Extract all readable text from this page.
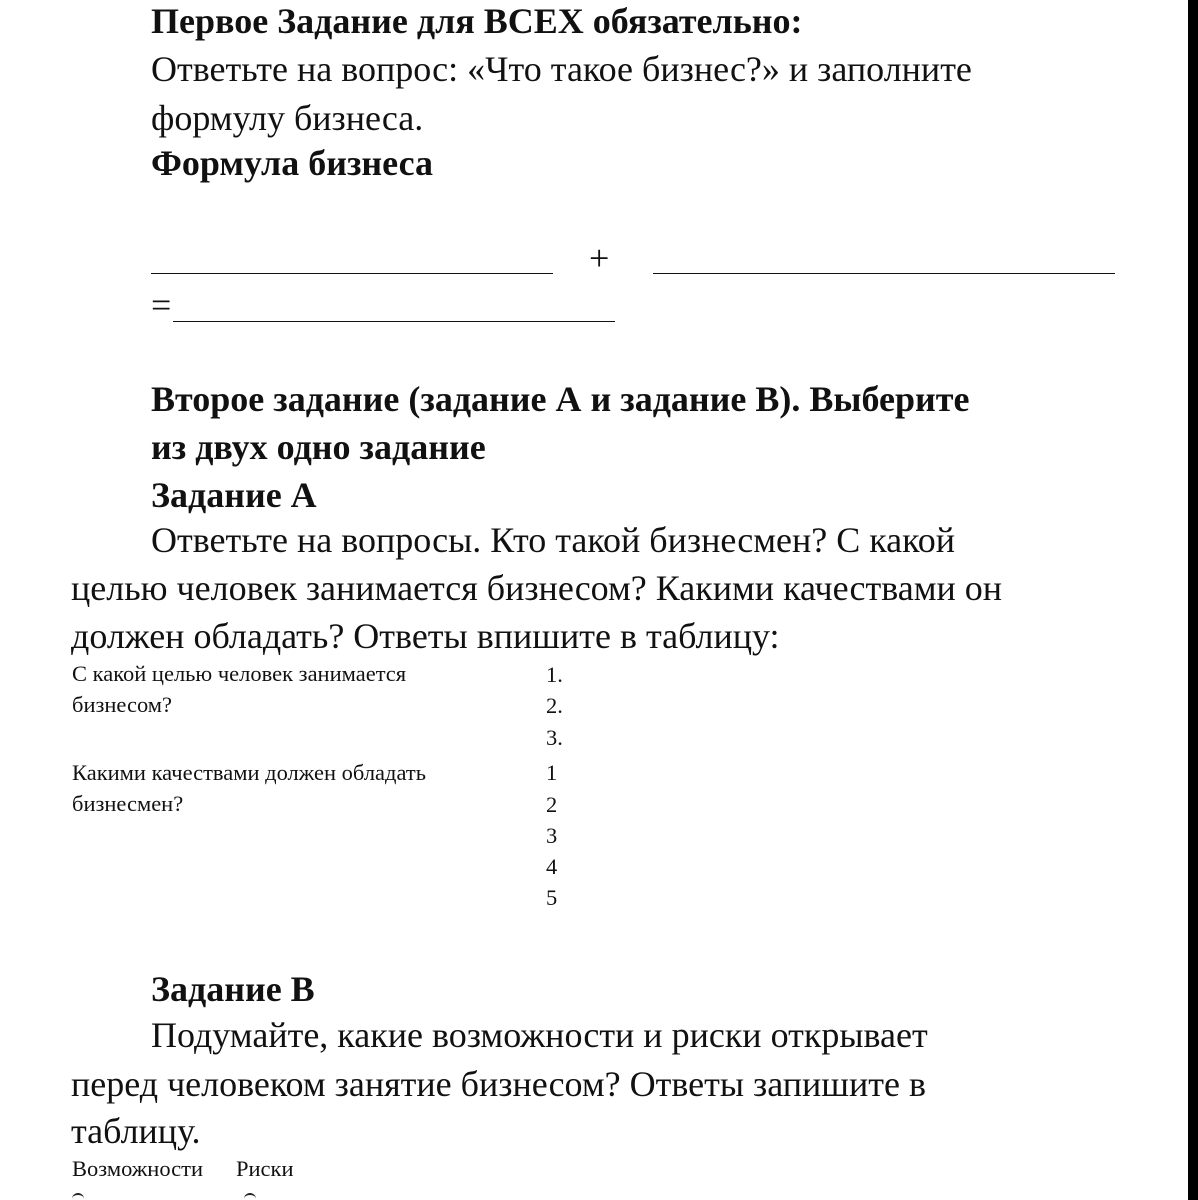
Первое Задание для ВСЕХ обязательно:
Ответьте на вопрос: «Что такое бизнес?» и заполните
формулу бизнеса.
Формула бизнеса
+
=
Второе задание (задание А и задание В). Выберите
из двух одно задание
Задание А
Ответьте на вопросы. Кто такой бизнесмен? С какой
целью человек занимается бизнесом? Какими качествами он
должен обладать? Ответы впишите в таблицу:
С какой целью человек занимается
бизнесом?
1.
2.
3.
Какими качествами должен обладать
бизнесмен?
1
2
3
4
5
Задание В
Подумайте, какие возможности и риски открывает
перед человеком занятие бизнесом? Ответы запишите в
таблицу.
Возможности Риски
